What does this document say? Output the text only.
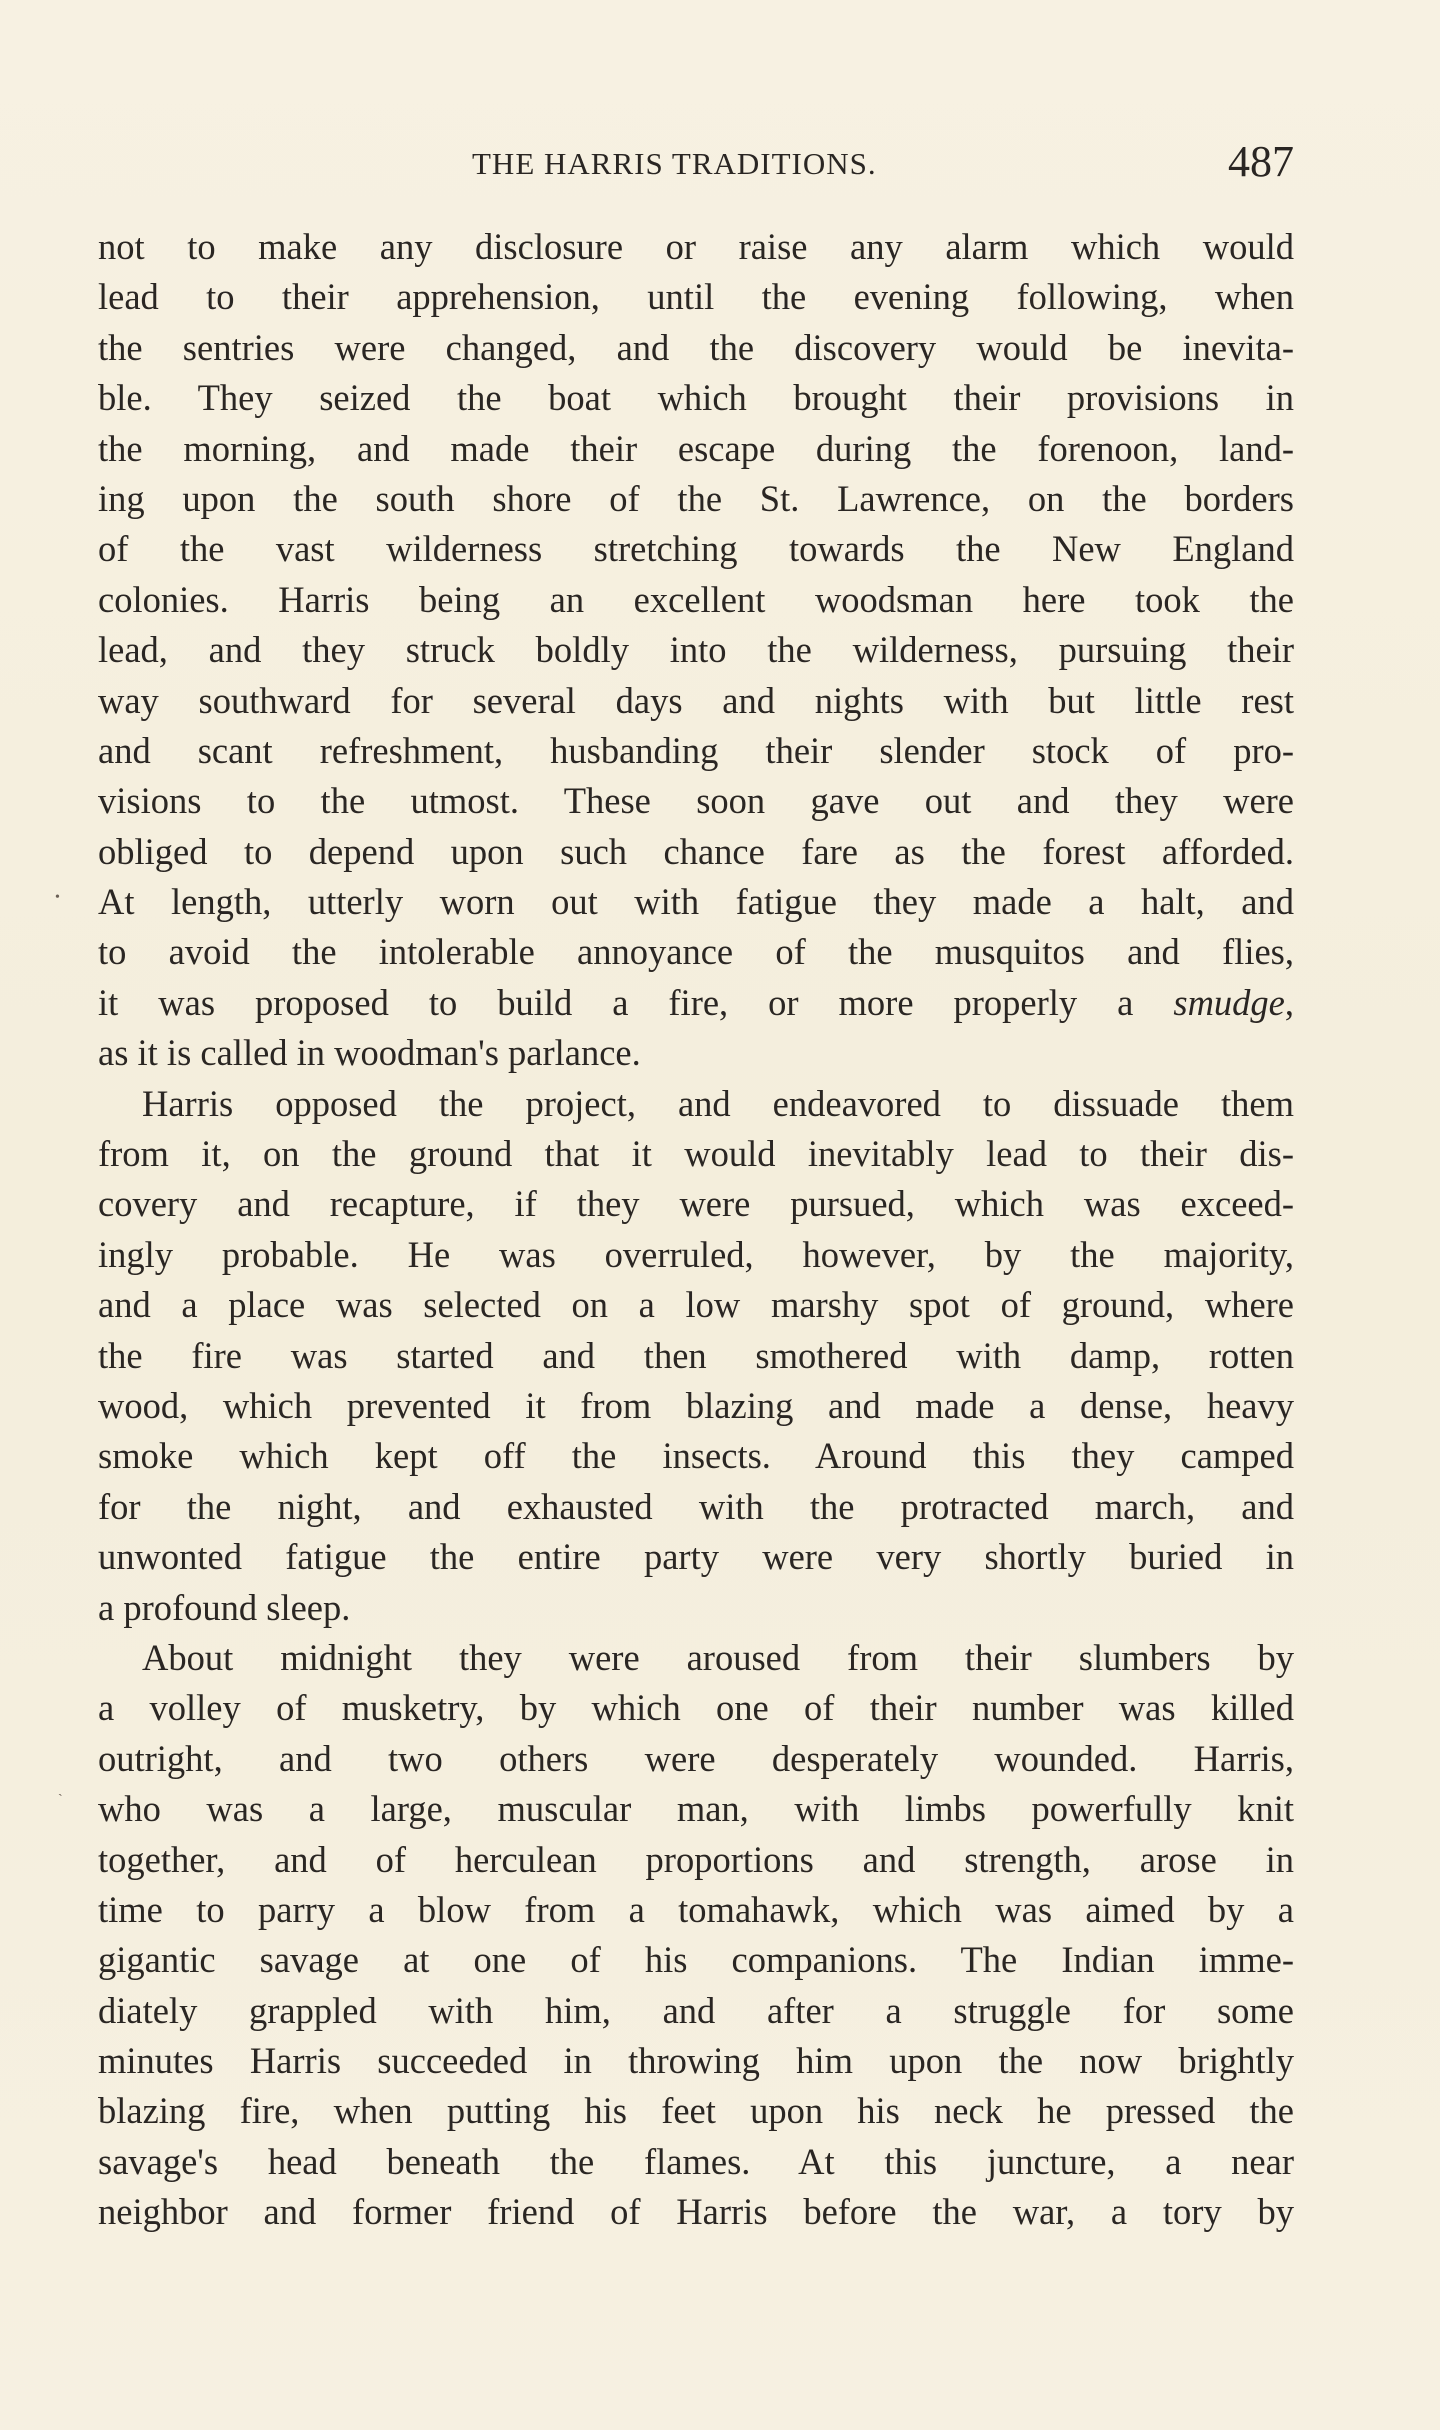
THE HARRIS TRADITIONS.	487
•
ˎ
not to make any disclosure or raise any alarm which would
lead to their apprehension, until the evening following, when
the sentries were changed, and the discovery would be inevita-
ble. They seized the boat which brought their provisions in
the morning, and made their escape during the forenoon, land-
ing upon the south shore of the St. Lawrence, on the borders
of the vast wilderness stretching towards the New England
colonies. Harris being an excellent woodsman here took the
lead, and they struck boldly into the wilderness, pursuing their
way southward for several days and nights with but little rest
and scant refreshment, husbanding their slender stock of pro-
visions to the utmost. These soon gave out and they were
obliged to depend upon such chance fare as the forest afforded.
At length, utterly worn out with fatigue they made a halt, and
to avoid the intolerable annoyance of the musquitos and flies,
it was proposed to build a fire, or more properly a smudge,
as it is called in woodman's parlance.
Harris opposed the project, and endeavored to dissuade them
from it, on the ground that it would inevitably lead to their dis-
covery and recapture, if they were pursued, which was exceed-
ingly probable. He was overruled, however, by the majority,
and a place was selected on a low marshy spot of ground, where
the fire was started and then smothered with damp, rotten
wood, which prevented it from blazing and made a dense, heavy
smoke which kept off the insects. Around this they camped
for the night, and exhausted with the protracted march, and
unwonted fatigue the entire party were very shortly buried in
a profound sleep.
About midnight they were aroused from their slumbers by
a volley of musketry, by which one of their number was killed
outright, and two others were desperately wounded. Harris,
who was a large, muscular man, with limbs powerfully knit
together, and of herculean proportions and strength, arose in
time to parry a blow from a tomahawk, which was aimed by a
gigantic savage at one of his companions. The Indian imme-
diately grappled with him, and after a struggle for some
minutes Harris succeeded in throwing him upon the now brightly
blazing fire, when putting his feet upon his neck he pressed the
savage's head beneath the flames. At this juncture, a near
neighbor and former friend of Harris before the war, a tory by
